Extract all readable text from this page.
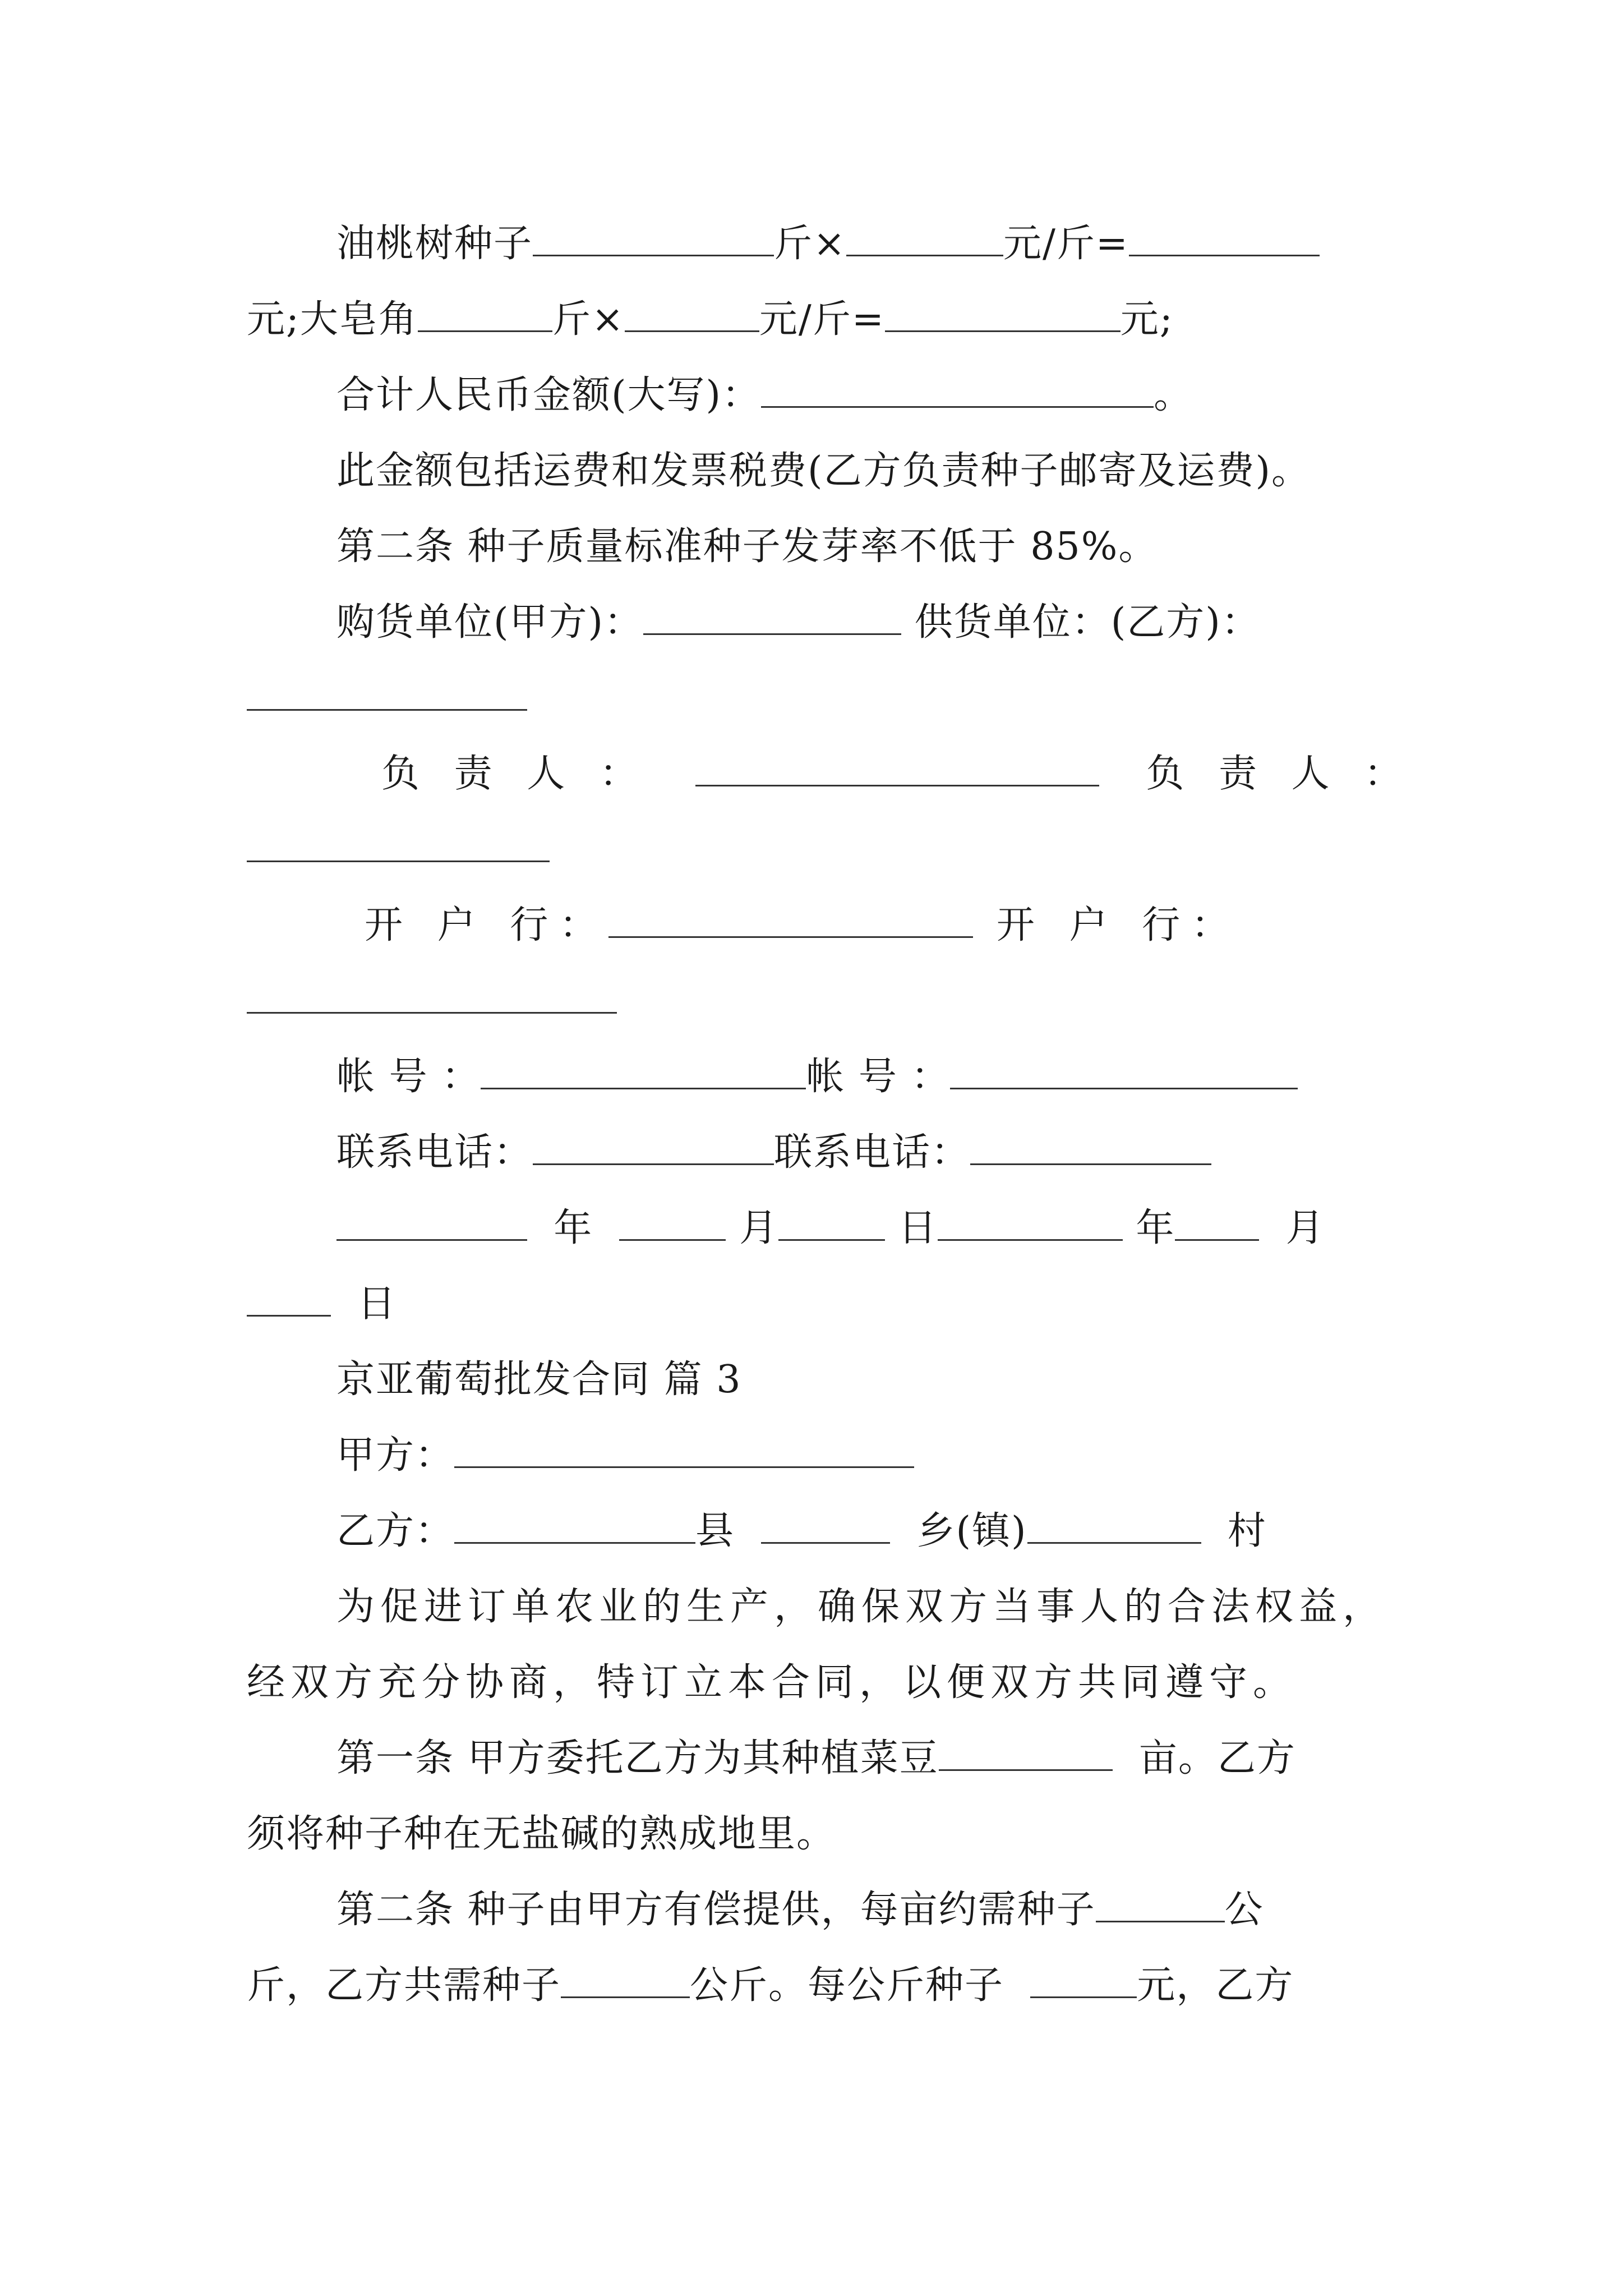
油桃树种子	斤×	元/斤=
元;大皂角	斤×	元/斤=	元;
合计人民币金额(大写)：	。
此金额包括运费和发票税费(乙方负责种子邮寄及运费)。
第二条 种子质量标准种子发芽率不低于 85%。
购货单位(甲方)：	供货单位：(乙方)：
负 责 人 ：	负 责 人 ：
开 户 行：	开 户 行：
帐 号 ：	帐 号 ：
联系电话：	联系电话：
年	月	日	年	月
日
京亚葡萄批发合同 篇 3
甲方：
乙方：	县	乡(镇)	村
为促进订单农业的生产，确保双方当事人的合法权益，
经双方充分协商，特订立本合同，以便双方共同遵守。
第一条 甲方委托乙方为其种植菜豆	亩。乙方
须将种子种在无盐碱的熟成地里。
第二条 种子由甲方有偿提供，每亩约需种子	公
斤，乙方共需种子	公斤。每公斤种子	元，乙方
